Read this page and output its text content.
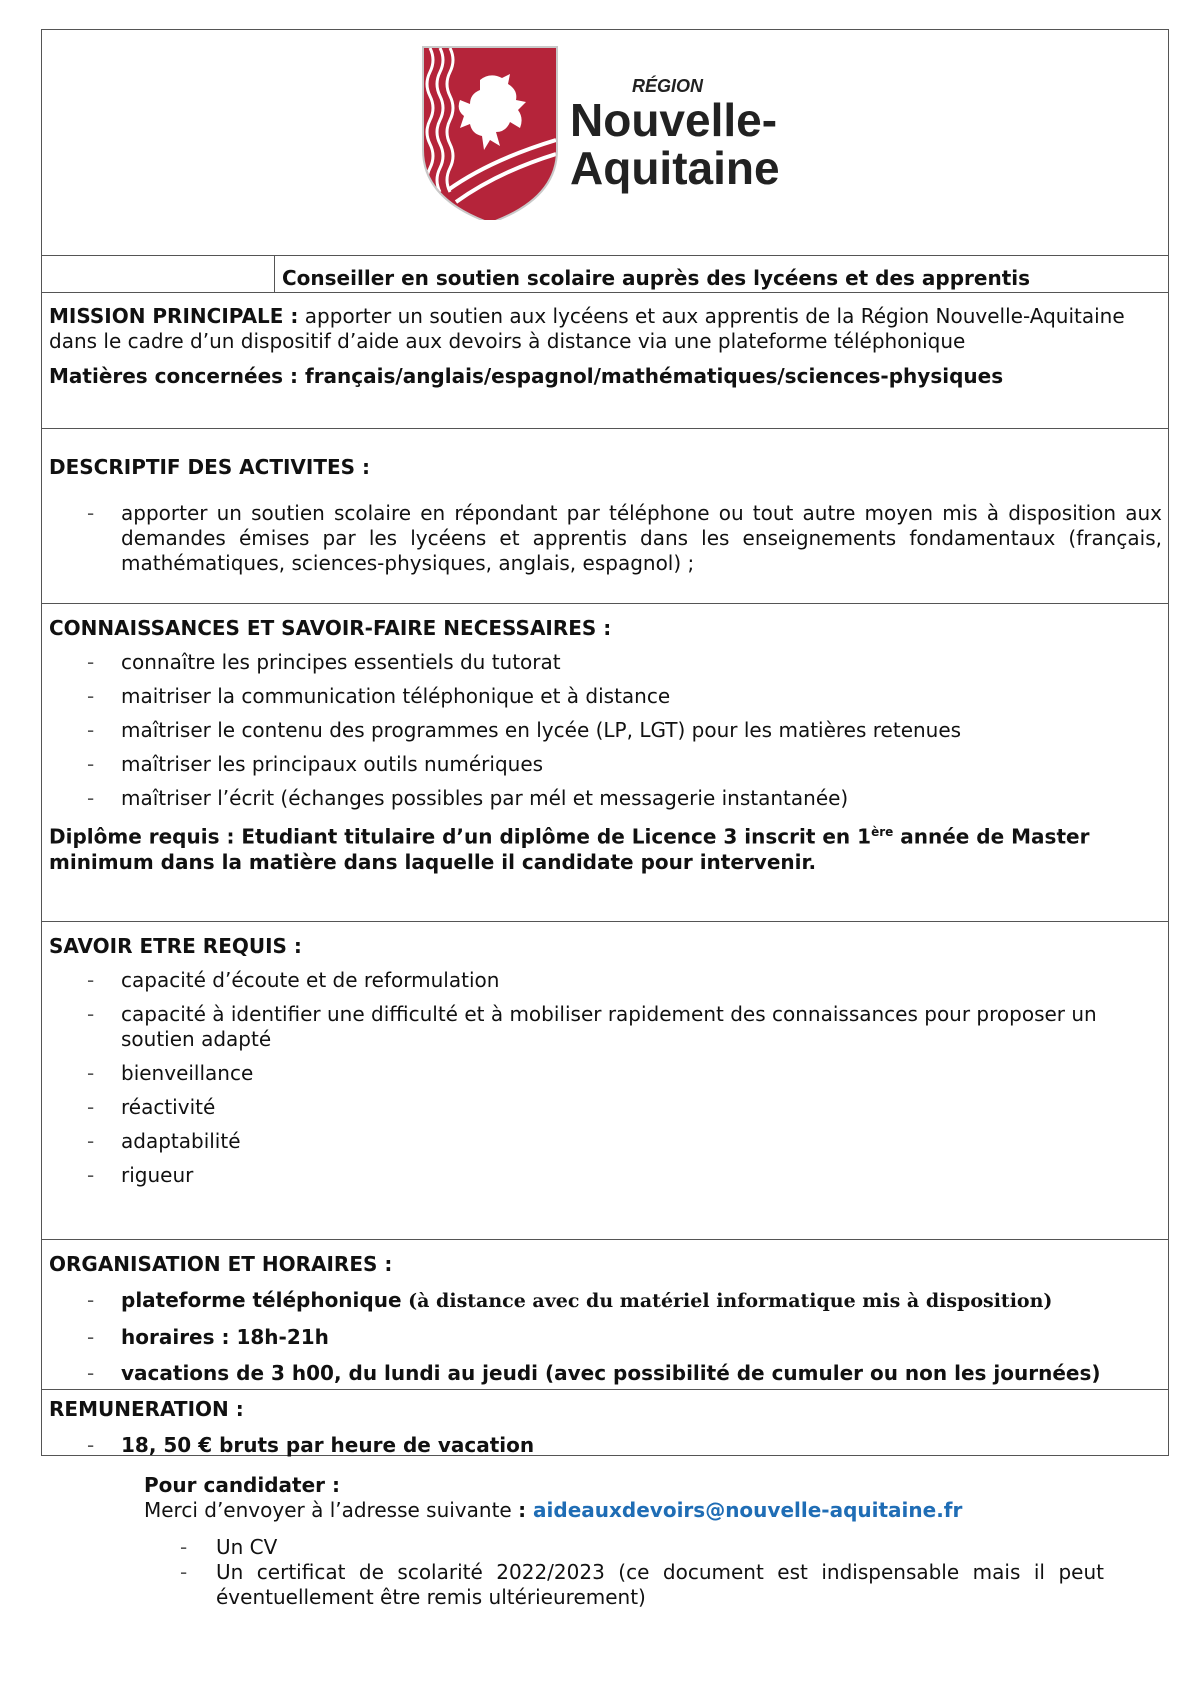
RÉGION
Nouvelle-
Aquitaine
Conseiller en soutien scolaire auprès des lycéens et des apprentis

MISSION PRINCIPALE : apporter un soutien aux lycéens et aux apprentis de la Région Nouvelle-Aquitaine
dans le cadre d’un dispositif d’aide aux devoirs à distance via une plateforme téléphonique

Matières concernées : français/anglais/espagnol/mathématiques/sciences-physiques

DESCRIPTIF DES ACTIVITES :

- apporter un soutien scolaire en répondant par téléphone ou tout autre moyen mis à disposition aux demandes émises par les lycéens et apprentis dans les enseignements fondamentaux (français, mathématiques, sciences-physiques, anglais, espagnol) ;

CONNAISSANCES ET SAVOIR-FAIRE NECESSAIRES :

- connaître les principes essentiels du tutorat
- maitriser la communication téléphonique et à distance
- maîtriser le contenu des programmes en lycée (LP, LGT) pour les matières retenues
- maîtriser les principaux outils numériques
- maîtriser l’écrit (échanges possibles par mél et messagerie instantanée)

Diplôme requis : Etudiant titulaire d’un diplôme de Licence 3 inscrit en 1ère année de Master
minimum dans la matière dans laquelle il candidate pour intervenir.

SAVOIR ETRE REQUIS :

- capacité d’écoute et de reformulation
- capacité à identifier une difficulté et à mobiliser rapidement des connaissances pour proposer un soutien adapté
- bienveillance
- réactivité
- adaptabilité
- rigueur

ORGANISATION ET HORAIRES :

- plateforme téléphonique (à distance avec du matériel informatique mis à disposition)
- horaires : 18h-21h
- vacations de 3 h00, du lundi au jeudi (avec possibilité de cumuler ou non les journées)

REMUNERATION :

- 18, 50 € bruts par heure de vacation

Pour candidater :

Merci d’envoyer à l’adresse suivante : aideauxdevoirs@nouvelle-aquitaine.fr

- Un CV
- Un certificat de scolarité 2022/2023 (ce document est indispensable mais il peut éventuellement être remis ultérieurement)
